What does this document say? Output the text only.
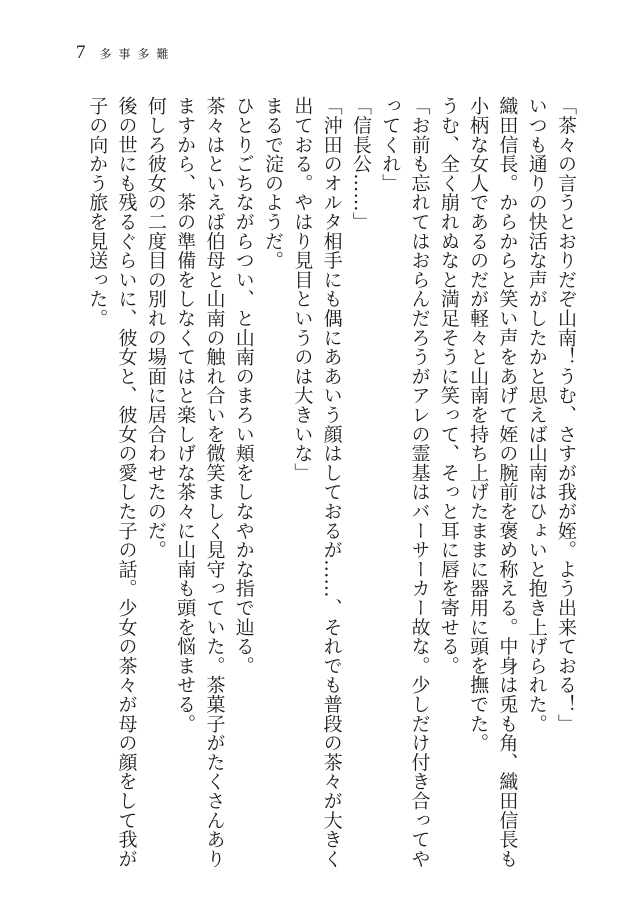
7 多事多難

「茶々の言うとおりだぞ山南！うむ、さすが我が姪。よう出来ておる！」

いつも通りの快活な声がしたかと思えば山南はひょいと抱き上げられた。

織田信長。からからと笑い声をあげて姪の腕前を褒め称える。中身は兎も角、織田信長も小柄な女人であるのだが軽々と山南を持ち上げたままに器用に頭を撫でた。

うむ、全く崩れぬなと満足そうに笑って、そっと耳に唇を寄せる。

「お前も忘れてはおらんだろうがアレの霊基はバーサーカー故な。少しだけ付き合ってやってくれ」

「信長公……」

「沖田のオルタ相手にも偶にああいう顔はしておるが……、それでも普段の茶々が大きく出ておる。やはり見目というのは大きいな」

まるで淀のようだ。

ひとりごちながらつい、と山南のまろい頬をしなやかな指で辿る。

茶々はといえば伯母と山南の触れ合いを微笑ましく見守っていた。茶菓子がたくさんありますから、茶の準備をしなくてはと楽しげな茶々に山南も頭を悩ませる。

何しろ彼女の二度目の別れの場面に居合わせたのだ。

後の世にも残るぐらいに、彼女と、彼女の愛した子の話。少女の茶々が母の顔をして我が子の向かう旅を見送った。
